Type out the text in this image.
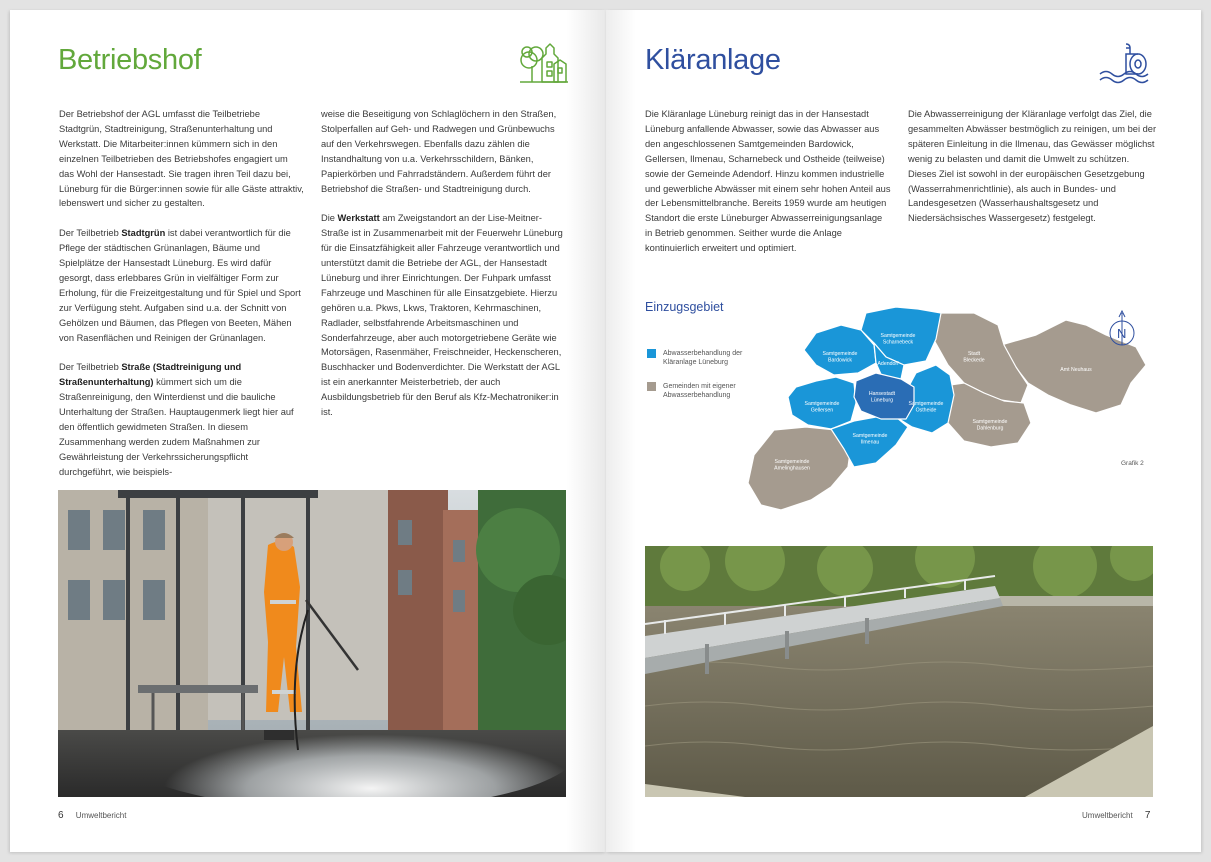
Betriebshof

Der Betriebshof der AGL umfasst die Teilbetriebe Stadtgrün, Stadtreinigung, Straßenunterhaltung und Werkstatt. Die Mitarbeiter:innen kümmern sich in den einzelnen Teilbetrieben des Betriebshofes engagiert um das Wohl der Hansestadt. Sie tragen ihren Teil dazu bei, Lüneburg für die Bürger:innen sowie für alle Gäste attraktiv, lebenswert und sicher zu gestalten.

Der Teilbetrieb Stadtgrün ist dabei verantwortlich für die Pflege der städtischen Grünanlagen, Bäume und Spielplätze der Hansestadt Lüneburg. Es wird dafür gesorgt, dass erlebbares Grün in vielfältiger Form zur Erholung, für die Freizeitgestaltung und für Spiel und Sport zur Verfügung steht. Aufgaben sind u.a. der Schnitt von Gehölzen und Bäumen, das Pflegen von Beeten, Mähen von Rasenflächen und Reinigen der Grünanlagen.

Der Teilbetrieb Straße (Stadtreinigung und Straßenunterhaltung) kümmert sich um die Straßenreinigung, den Winterdienst und die bauliche Unterhaltung der Straßen. Hauptaugenmerk liegt hier auf den öffentlich gewidmeten Straßen. In diesem Zusammenhang werden zudem Maßnahmen zur Gewährleistung der Verkehrssicherungspflicht durchgeführt, wie beispiels-

weise die Beseitigung von Schlaglöchern in den Straßen, Stolperfallen auf Geh- und Radwegen und Grünbewuchs auf den Verkehrswegen. Ebenfalls dazu zählen die Instandhaltung von u.a. Verkehrsschildern, Bänken, Papierkörben und Fahrradständern. Außerdem führt der Betriebshof die Straßen- und Stadtreinigung durch.

Die Werkstatt am Zweigstandort an der Lise-Meitner-Straße ist in Zusammenarbeit mit der Feuerwehr Lüneburg für die Einsatzfähigkeit aller Fahrzeuge verantwortlich und unterstützt damit die Betriebe der AGL, der Hansestadt Lüneburg und ihrer Einrichtungen. Der Fuhpark umfasst Fahrzeuge und Maschinen für alle Einsatzgebiete. Hierzu gehören u.a. Pkws, Lkws, Traktoren, Kehrmaschinen, Radlader, selbstfahrende Arbeitsmaschinen und Sonderfahrzeuge, aber auch motorgetriebene Geräte wie Motorsägen, Rasenmäher, Freischneider, Heckenscheren, Buschhacker und Bodenverdichter. Die Werkstatt der AGL ist ein anerkannter Meisterbetrieb, der auch Ausbildungsbetrieb für den Beruf als Kfz-Mechatroniker:in ist.

6 Umweltbericht
Kläranlage
Die Kläranlage Lüneburg reinigt das in der Hansestadt Lüneburg anfallende Abwasser, sowie das Abwasser aus den angeschlossenen Samtgemeinden Bardowick, Gellersen, Ilmenau, Scharnebeck und Ostheide (teilweise) sowie der Gemeinde Adendorf. Hinzu kommen industrielle und gewerbliche Abwässer mit einem sehr hohen Anteil aus der Lebensmittelbranche. Bereits 1959 wurde am heutigen Standort die erste Lüneburger Abwasserreinigungsanlage in Betrieb genommen. Seither wurde die Anlage kontinuierlich erweitert und optimiert.
Die Abwasserreinigung der Kläranlage verfolgt das Ziel, die gesammelten Abwässer bestmöglich zu reinigen, um bei der späteren Einleitung in die Ilmenau, das Gewässer möglichst wenig zu belasten und damit die Umwelt zu schützen. Dieses Ziel ist sowohl in der europäischen Gesetzgebung (Wasserrahmenrichtlinie), als auch in Bundes- und Landesgesetzen (Wasserhaushaltsgesetz und Niedersächsisches Wassergesetz) festgelegt.
Einzugsgebiet
Abwasserbehandlung der Kläranlage Lüneburg
Gemeinden mit eigener Abwasserbehandlung
Samtgemeinde Scharnebeck
Samtgemeinde Bardowick
Adendorf
Hansestadt Lüneburg
Samtgemeinde Gellersen
Samtgemeinde Ilmenau
Samtgemeinde Ostheide
Stadt Bleckede
Amt Neuhaus
Samtgemeinde Dahlenburg
Samtgemeinde Amelinghausen
N
Grafik 2
Umweltbericht 7
